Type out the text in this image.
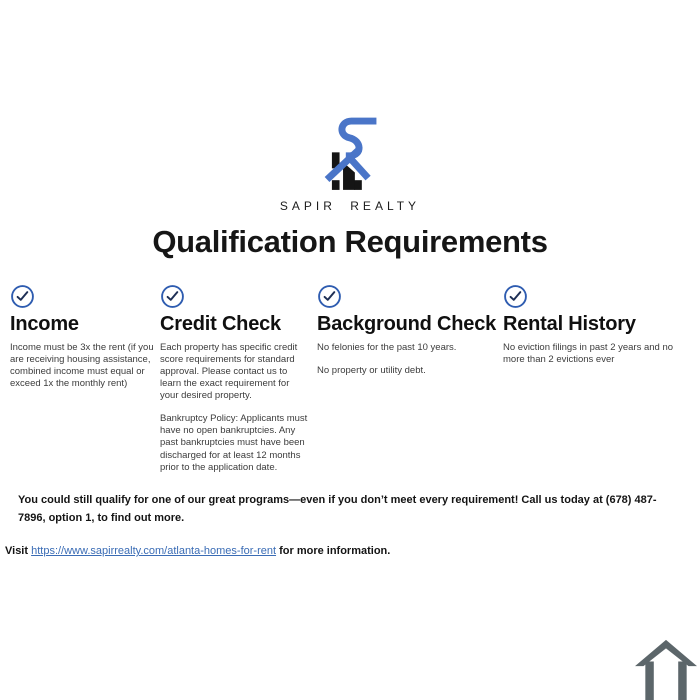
SAPIR REALTY
Qualification Requirements
Income

Income must be 3x the rent (if you are receiving housing assistance, combined income must equal or exceed 1x the monthly rent)

Credit Check

Each property has specific credit score requirements for standard approval. Please contact us to learn the exact requirement for your desired property.

Bankruptcy Policy: Applicants must have no open bankruptcies. Any past bankruptcies must have been discharged for at least 12 months prior to the application date.

Background Check

No felonies for the past 10 years.

No property or utility debt.

Rental History

No eviction filings in past 2 years and no more than 2 evictions ever

You could still qualify for one of our great programs—even if you don’t meet every requirement! Call us today at (678) 487-7896, option 1, to find out more.
Visit https://www.sapirrealty.com/atlanta-homes-for-rent for more information.
